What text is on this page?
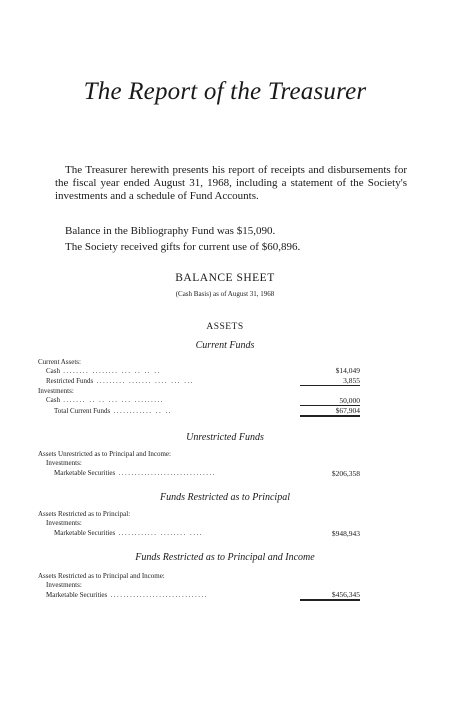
The Report of the Treasurer

The Treasurer herewith presents his report of receipts and disbursements for the fiscal year ended August 31, 1968, including a statement of the Society's investments and a schedule of Fund Accounts.

Balance in the Bibliography Fund was $15,090.
The Society received gifts for current use of $60,896.
BALANCE SHEET
(Cash Basis) as of August 31, 1968
ASSETS
Current Funds
Current Assets:
Cash ........ ........ ... .. .. ..	$14,049
Restricted Funds ......... ....... .... ... ...	3,855
Investments:
Cash ....... .. .. ... ... .........	50,000
Total Current Funds ............ .. ..	$67,904
Unrestricted Funds
Assets Unrestricted as to Principal and Income:
Investments:
Marketable Securities ..............................	$206,358
Funds Restricted as to Principal
Assets Restricted as to Principal:
Investments:
Marketable Securities ............ ........ ....	$948,943
Funds Restricted as to Principal and Income
Assets Restricted as to Principal and Income:
Investments:
Marketable Securities ..............................	$456,345
